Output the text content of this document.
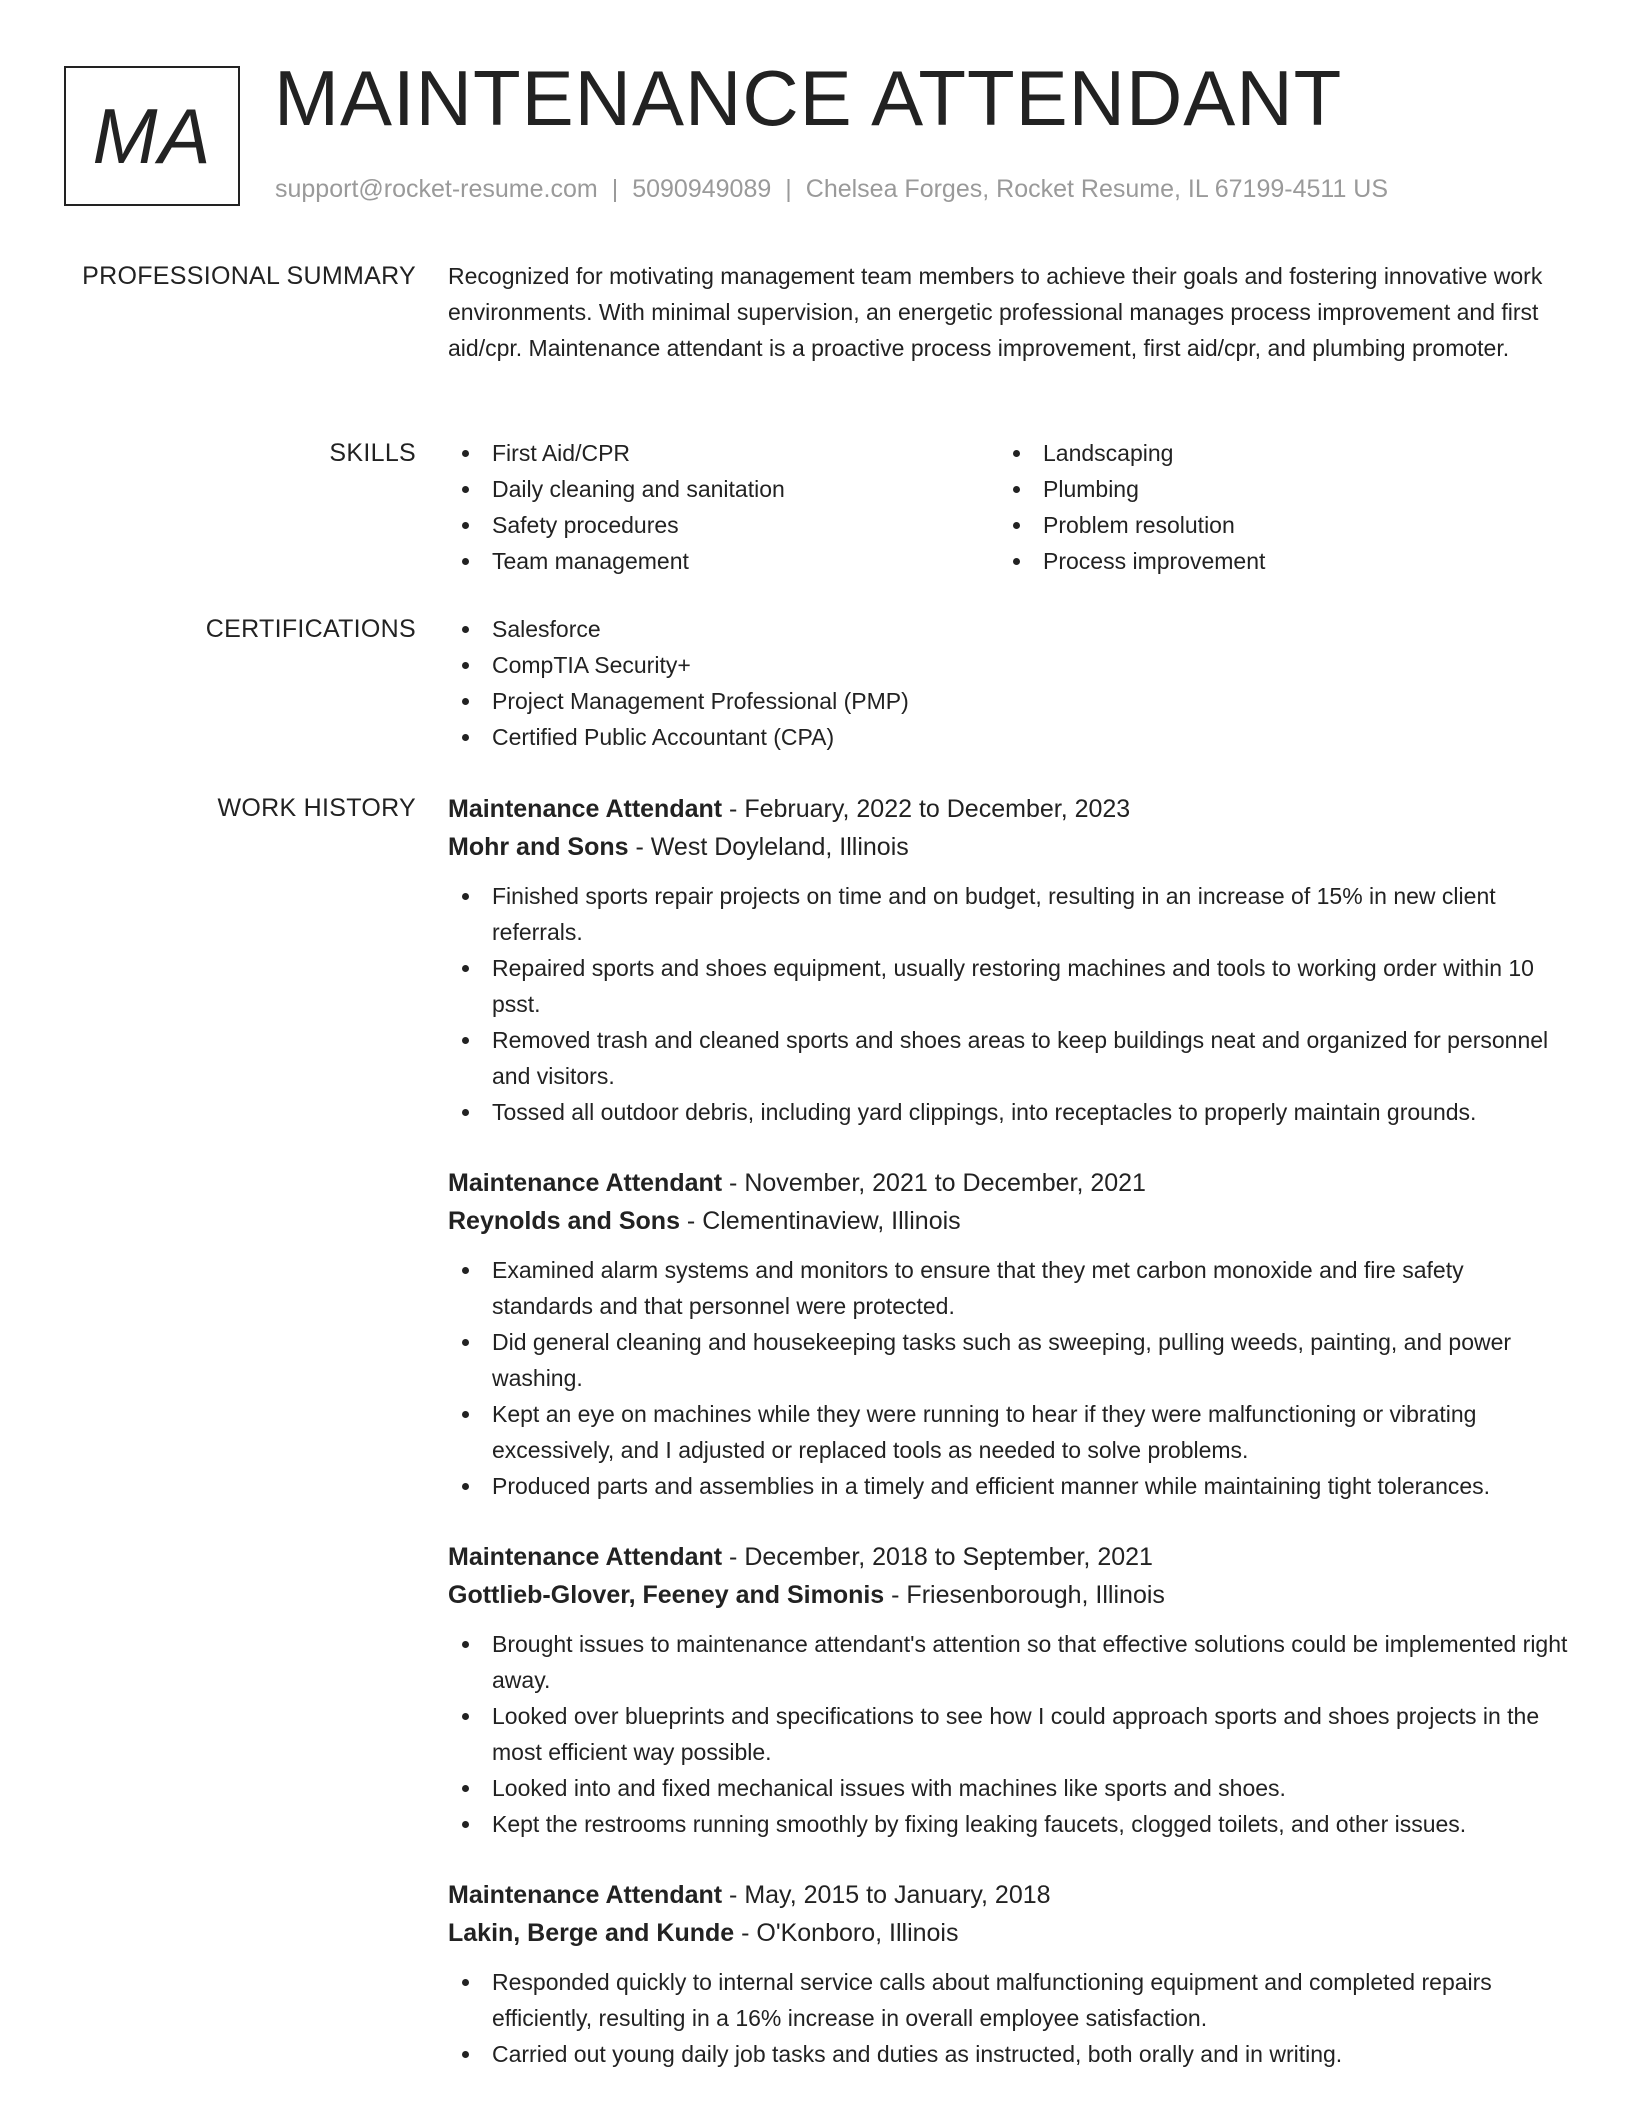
MA MAINTENANCE ATTENDANT
support@rocket-resume.com | 5090949089 | Chelsea Forges, Rocket Resume, IL 67199-4511 US
PROFESSIONAL SUMMARY Recognized for motivating management team members to achieve their goals and fostering innovative work environments. With minimal supervision, an energetic professional manages process improvement and first aid/cpr. Maintenance attendant is a proactive process improvement, first aid/cpr, and plumbing promoter.

SKILLS	First Aid/CPR
Daily cleaning and sanitation
Safety procedures
Team management
Landscaping
Plumbing
Problem resolution
Process improvement
CERTIFICATIONS	Salesforce
CompTIA Security+
Project Management Professional (PMP)
Certified Public Accountant (CPA)
WORK HISTORY Maintenance Attendant - February, 2022 to December, 2023
Mohr and Sons - West Doyleland, Illinois
Finished sports repair projects on time and on budget, resulting in an increase of 15% in new client referrals.
Repaired sports and shoes equipment, usually restoring machines and tools to working order within 10 psst.
Removed trash and cleaned sports and shoes areas to keep buildings neat and organized for personnel and visitors.
Tossed all outdoor debris, including yard clippings, into receptacles to properly maintain grounds.
Maintenance Attendant - November, 2021 to December, 2021
Reynolds and Sons - Clementinaview, Illinois
Examined alarm systems and monitors to ensure that they met carbon monoxide and fire safety standards and that personnel were protected.
Did general cleaning and housekeeping tasks such as sweeping, pulling weeds, painting, and power washing.
Kept an eye on machines while they were running to hear if they were malfunctioning or vibrating excessively, and I adjusted or replaced tools as needed to solve problems.
Produced parts and assemblies in a timely and efficient manner while maintaining tight tolerances.
Maintenance Attendant - December, 2018 to September, 2021
Gottlieb-Glover, Feeney and Simonis - Friesenborough, Illinois
Brought issues to maintenance attendant's attention so that effective solutions could be implemented right away.
Looked over blueprints and specifications to see how I could approach sports and shoes projects in the most efficient way possible.
Looked into and fixed mechanical issues with machines like sports and shoes.
Kept the restrooms running smoothly by fixing leaking faucets, clogged toilets, and other issues.
Maintenance Attendant - May, 2015 to January, 2018
Lakin, Berge and Kunde - O'Konboro, Illinois
Responded quickly to internal service calls about malfunctioning equipment and completed repairs efficiently, resulting in a 16% increase in overall employee satisfaction.
Carried out young daily job tasks and duties as instructed, both orally and in writing.
